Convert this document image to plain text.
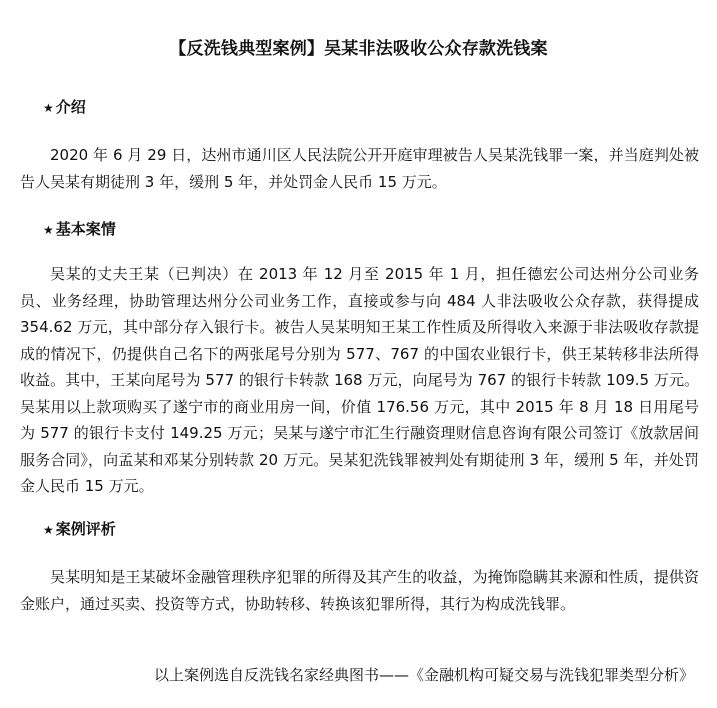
【反洗钱典型案例】吴某非法吸收公众存款洗钱案
★ 介绍

2020 年 6 月 29 日，达州市通川区人民法院公开开庭审理被告人吴某洗钱罪一案，并当庭判处被告人吴某有期徒刑 3 年，缓刑 5 年，并处罚金人民币 15 万元。

★ 基本案情

吴某的丈夫王某（已判决）在 2013 年 12 月至 2015 年 1 月，担任德宏公司达州分公司业务员、业务经理，协助管理达州分公司业务工作，直接或参与向 484 人非法吸收公众存款，获得提成 354.62 万元，其中部分存入银行卡。被告人吴某明知王某工作性质及所得收入来源于非法吸收存款提成的情况下，仍提供自己名下的两张尾号分别为 577、767 的中国农业银行卡，供王某转移非法所得收益。其中，王某向尾号为 577 的银行卡转款 168 万元，向尾号为 767 的银行卡转款 109.5 万元。吴某用以上款项购买了遂宁市的商业用房一间，价值 176.56 万元，其中 2015 年 8 月 18 日用尾号为 577 的银行卡支付 149.25 万元；吴某与遂宁市汇生行融资理财信息咨询有限公司签订《放款居间服务合同》，向孟某和邓某分别转款 20 万元。吴某犯洗钱罪被判处有期徒刑 3 年，缓刑 5 年，并处罚金人民币 15 万元。

★ 案例评析

吴某明知是王某破坏金融管理秩序犯罪的所得及其产生的收益，为掩饰隐瞒其来源和性质，提供资金账户，通过买卖、投资等方式，协助转移、转换该犯罪所得，其行为构成洗钱罪。

以上案例选自反洗钱名家经典图书——《金融机构可疑交易与洗钱犯罪类型分析》
